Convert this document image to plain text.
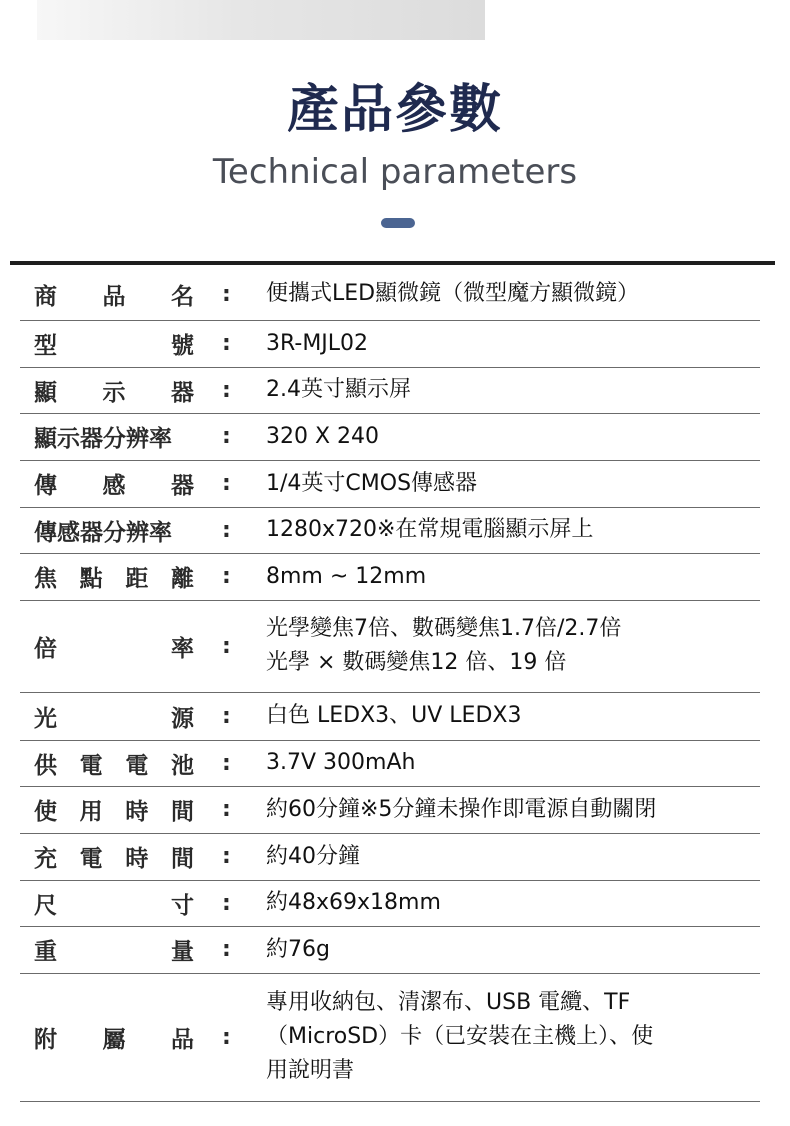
產品參數
Technical parameters
商 品 名 : 便攜式LED顯微鏡（微型魔方顯微鏡）
型	號 : 3R-MJL02
顯 示 器 : 2.4英寸顯示屏
顯示器分辨率 : 320 X 240
傳 感 器 : 1/4英寸CMOS傳感器
傳感器分辨率 : 1280x720※在常規電腦顯示屏上
焦 點 距 離 : 8mm ~ 12mm
倍	率 :
光學變焦7倍、數碼變焦1.7倍/2.7倍
光學 × 數碼變焦12 倍、19 倍
光	源 : 白色 LEDX3、UV LEDX3
供 電 電 池 : 3.7V 300mAh
使 用 時 間 : 約60分鐘※5分鐘未操作即電源自動關閉
充 電 時 間 : 約40分鐘
尺	寸 : 約48x69x18mm
重	量 : 約76g
附 屬 品 :
專用收納包、清潔布、USB 電纜、TF
（MicroSD）卡（已安裝在主機上）、使
用說明書
